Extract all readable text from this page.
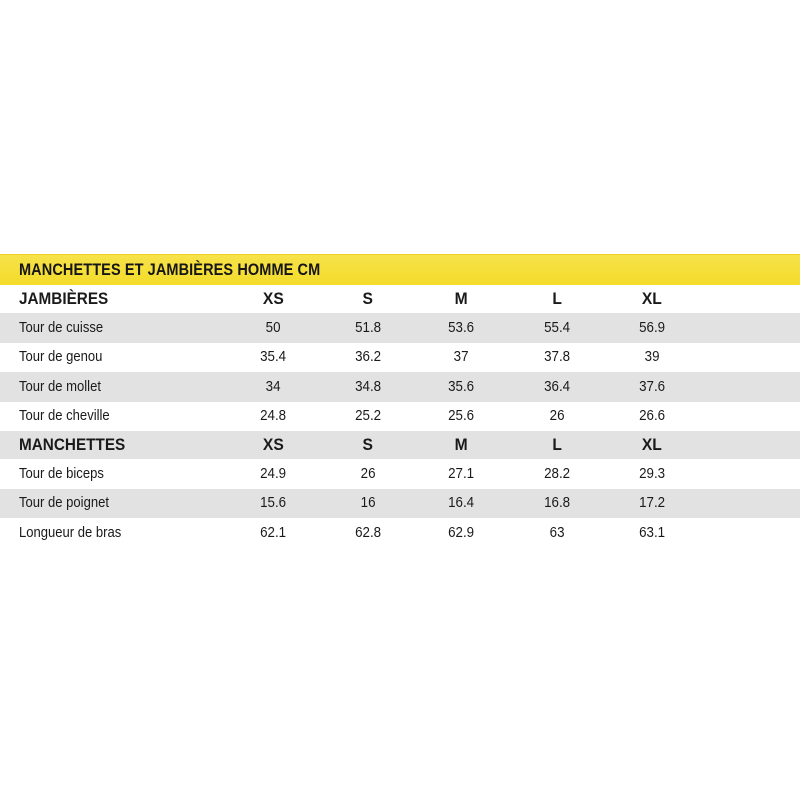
MANCHETTES ET JAMBIÈRES HOMME CM
JAMBIÈRES	XS	S	M	L	XL
Tour de cuisse	50	51.8	53.6	55.4	56.9
Tour de genou	35.4	36.2	37	37.8	39
Tour de mollet	34	34.8	35.6	36.4	37.6
Tour de cheville	24.8	25.2	25.6	26	26.6
MANCHETTES	XS	S	M	L	XL
Tour de biceps	24.9	26	27.1	28.2	29.3
Tour de poignet	15.6	16	16.4	16.8	17.2
Longueur de bras	62.1	62.8	62.9	63	63.1
